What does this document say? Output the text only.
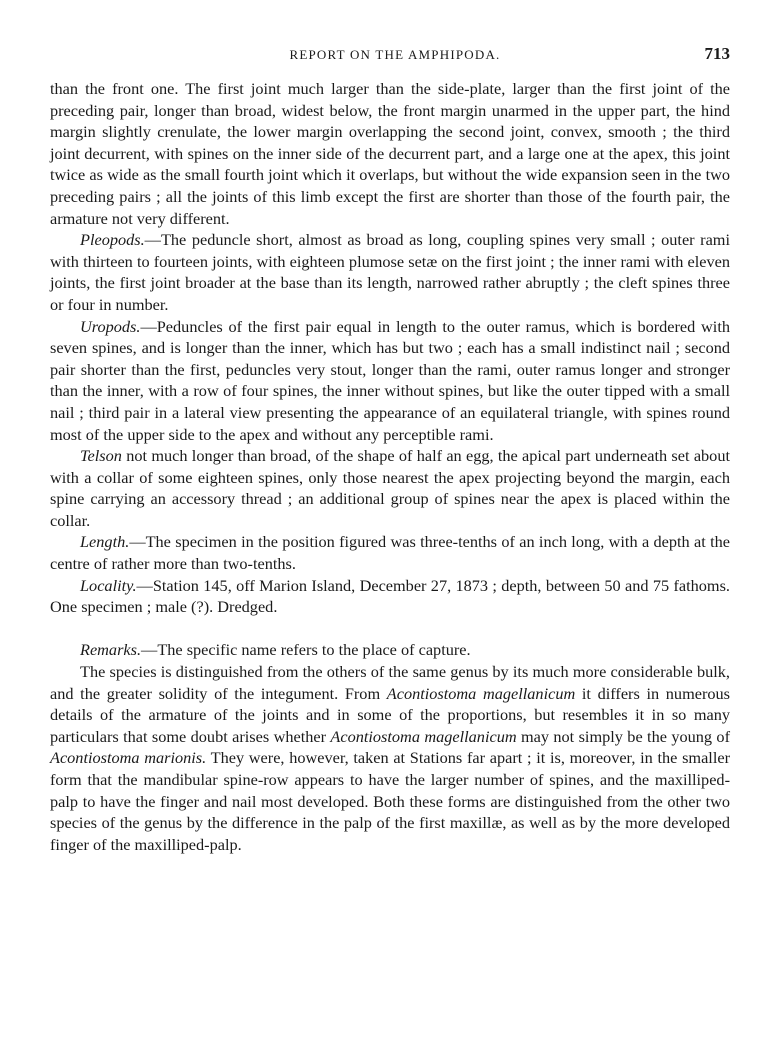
REPORT ON THE AMPHIPODA.	713

than the front one. The first joint much larger than the side-plate, larger than the first joint of the preceding pair, longer than broad, widest below, the front margin unarmed in the upper part, the hind margin slightly crenulate, the lower margin overlapping the second joint, convex, smooth ; the third joint decurrent, with spines on the inner side of the decurrent part, and a large one at the apex, this joint twice as wide as the small fourth joint which it overlaps, but without the wide expansion seen in the two preceding pairs ; all the joints of this limb except the first are shorter than those of the fourth pair, the armature not very different.

Pleopods.—The peduncle short, almost as broad as long, coupling spines very small ; outer rami with thirteen to fourteen joints, with eighteen plumose setæ on the first joint ; the inner rami with eleven joints, the first joint broader at the base than its length, narrowed rather abruptly ; the cleft spines three or four in number.

Uropods.—Peduncles of the first pair equal in length to the outer ramus, which is bordered with seven spines, and is longer than the inner, which has but two ; each has a small indistinct nail ; second pair shorter than the first, peduncles very stout, longer than the rami, outer ramus longer and stronger than the inner, with a row of four spines, the inner without spines, but like the outer tipped with a small nail ; third pair in a lateral view presenting the appearance of an equilateral triangle, with spines round most of the upper side to the apex and without any perceptible rami.

Telson not much longer than broad, of the shape of half an egg, the apical part underneath set about with a collar of some eighteen spines, only those nearest the apex projecting beyond the margin, each spine carrying an accessory thread ; an additional group of spines near the apex is placed within the collar.

Length.—The specimen in the position figured was three-tenths of an inch long, with a depth at the centre of rather more than two-tenths.

Locality.—Station 145, off Marion Island, December 27, 1873 ; depth, between 50 and 75 fathoms. One specimen ; male (?). Dredged.

Remarks.—The specific name refers to the place of capture.

The species is distinguished from the others of the same genus by its much more considerable bulk, and the greater solidity of the integument. From Acontiostoma magellanicum it differs in numerous details of the armature of the joints and in some of the proportions, but resembles it in so many particulars that some doubt arises whether Acontiostoma magellanicum may not simply be the young of Acontiostoma marionis. They were, however, taken at Stations far apart ; it is, moreover, in the smaller form that the mandibular spine-row appears to have the larger number of spines, and the maxilliped-palp to have the finger and nail most developed. Both these forms are distinguished from the other two species of the genus by the difference in the palp of the first maxillæ, as well as by the more developed finger of the maxilliped-palp.
